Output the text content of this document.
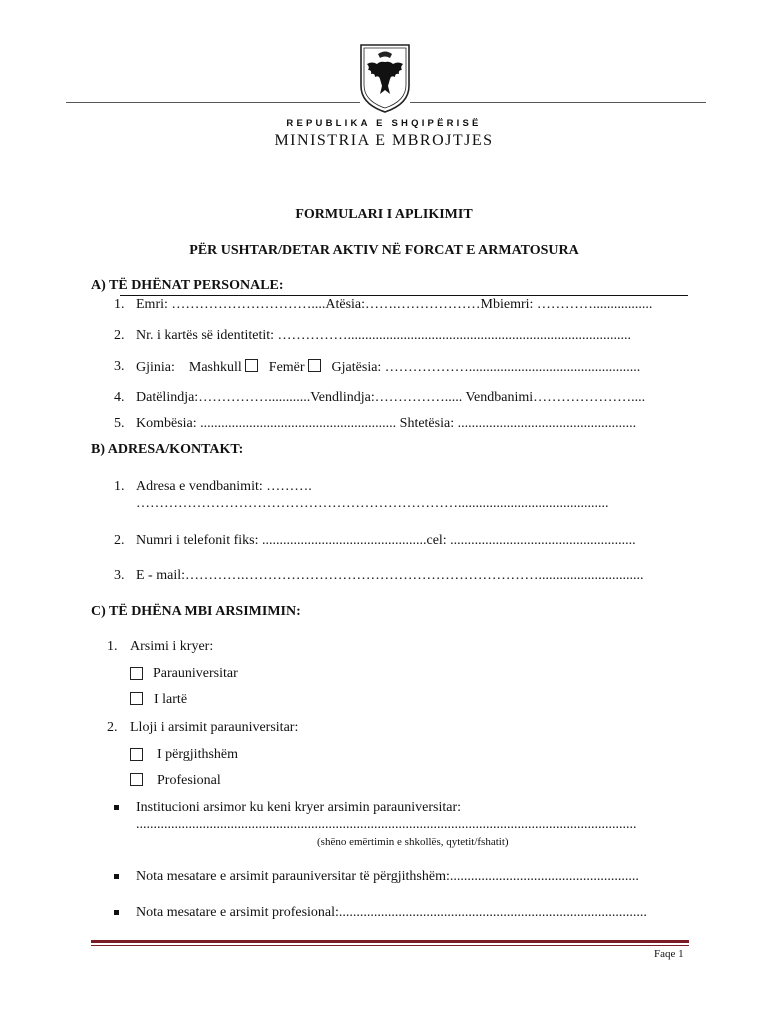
REPUBLIKA E SHQIPËRISË
MINISTRIA E MBROJTJES
FORMULARI I APLIKIMIT
PËR USHTAR/DETAR AKTIV NË FORCAT E ARMATOSURA
A) TË DHËNAT PERSONALE:
1. Emri: …………………………....Atësia:…….………………Mbiemri: ………….................
2. Nr. i kartës së identitetit: …………….................................................................................
3. Gjinia: Mashkull Femër Gjatësia: ……………….................................................
4. Datëlindja:……………............Vendlindja:……………..... Vendbanimi…………………....
5. Kombësia: ........................................................ Shtetësia: ...................................................
B) ADRESA/KONTAKT:
1. Adresa e vendbanimit: ……….
……………………………………………………………...........................................
2. Numri i telefonit fiks: ...............................................cel: .....................................................
3. E - mail:………….………………………………………………………..............................
C) TË DHËNA MBI ARSIMIMIN:
1. Arsimi i kryer:
Parauniversitar
I lartë
2. Lloji i arsimit parauniversitar:
I përgjithshëm
Profesional
Institucioni arsimor ku keni kryer arsimin parauniversitar:
...............................................................................................................................................
(shëno emërtimin e shkollës, qytetit/fshatit)
Nota mesatare e arsimit parauniversitar të përgjithshëm:......................................................
Nota mesatare e arsimit profesional:........................................................................................
Faqe 1
